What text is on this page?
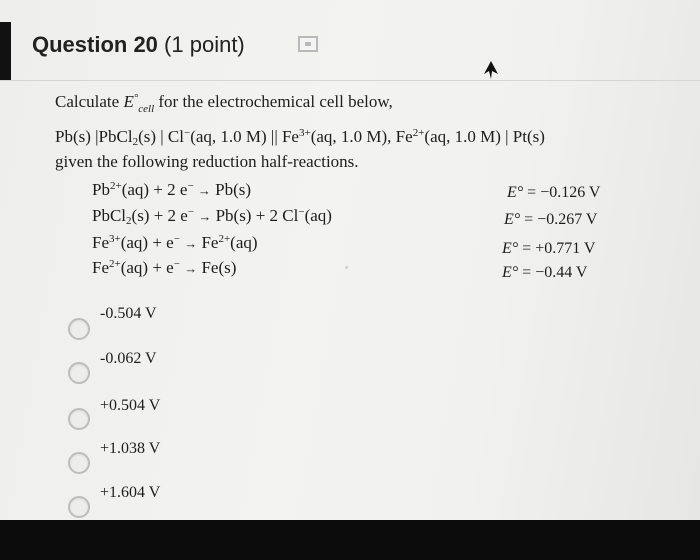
Question 20 (1 point)
Calculate $E^\circ_{cell}$ for the electrochemical cell below,
Pb(s) |PbCl$_2$(s) | Cl−(aq, 1.0 M) || $Fe^{3+}(aq$, 1.0 M), $Fe^{2+}(aq$, 1.0 M) | Pt(s)
given the following reduction half-reactions.
$Pb^{2+}(aq) + 2$ e− → Pb(s)	E° = −0.126 V
PbCl$_2$(s) + 2 e− → Pb(s) + 2 Cl−(aq)	E° = −0.267 V
$Fe^{3+}(aq) + e^- \to Fe^{2+}(aq)$	E° = +0.771 V
$Fe^{2+}(aq) + e^- \to Fe(s)$	E° = −0.44 V
-0.504 V
-0.062 V
+0.504 V
+1.038 V
+1.604 V
